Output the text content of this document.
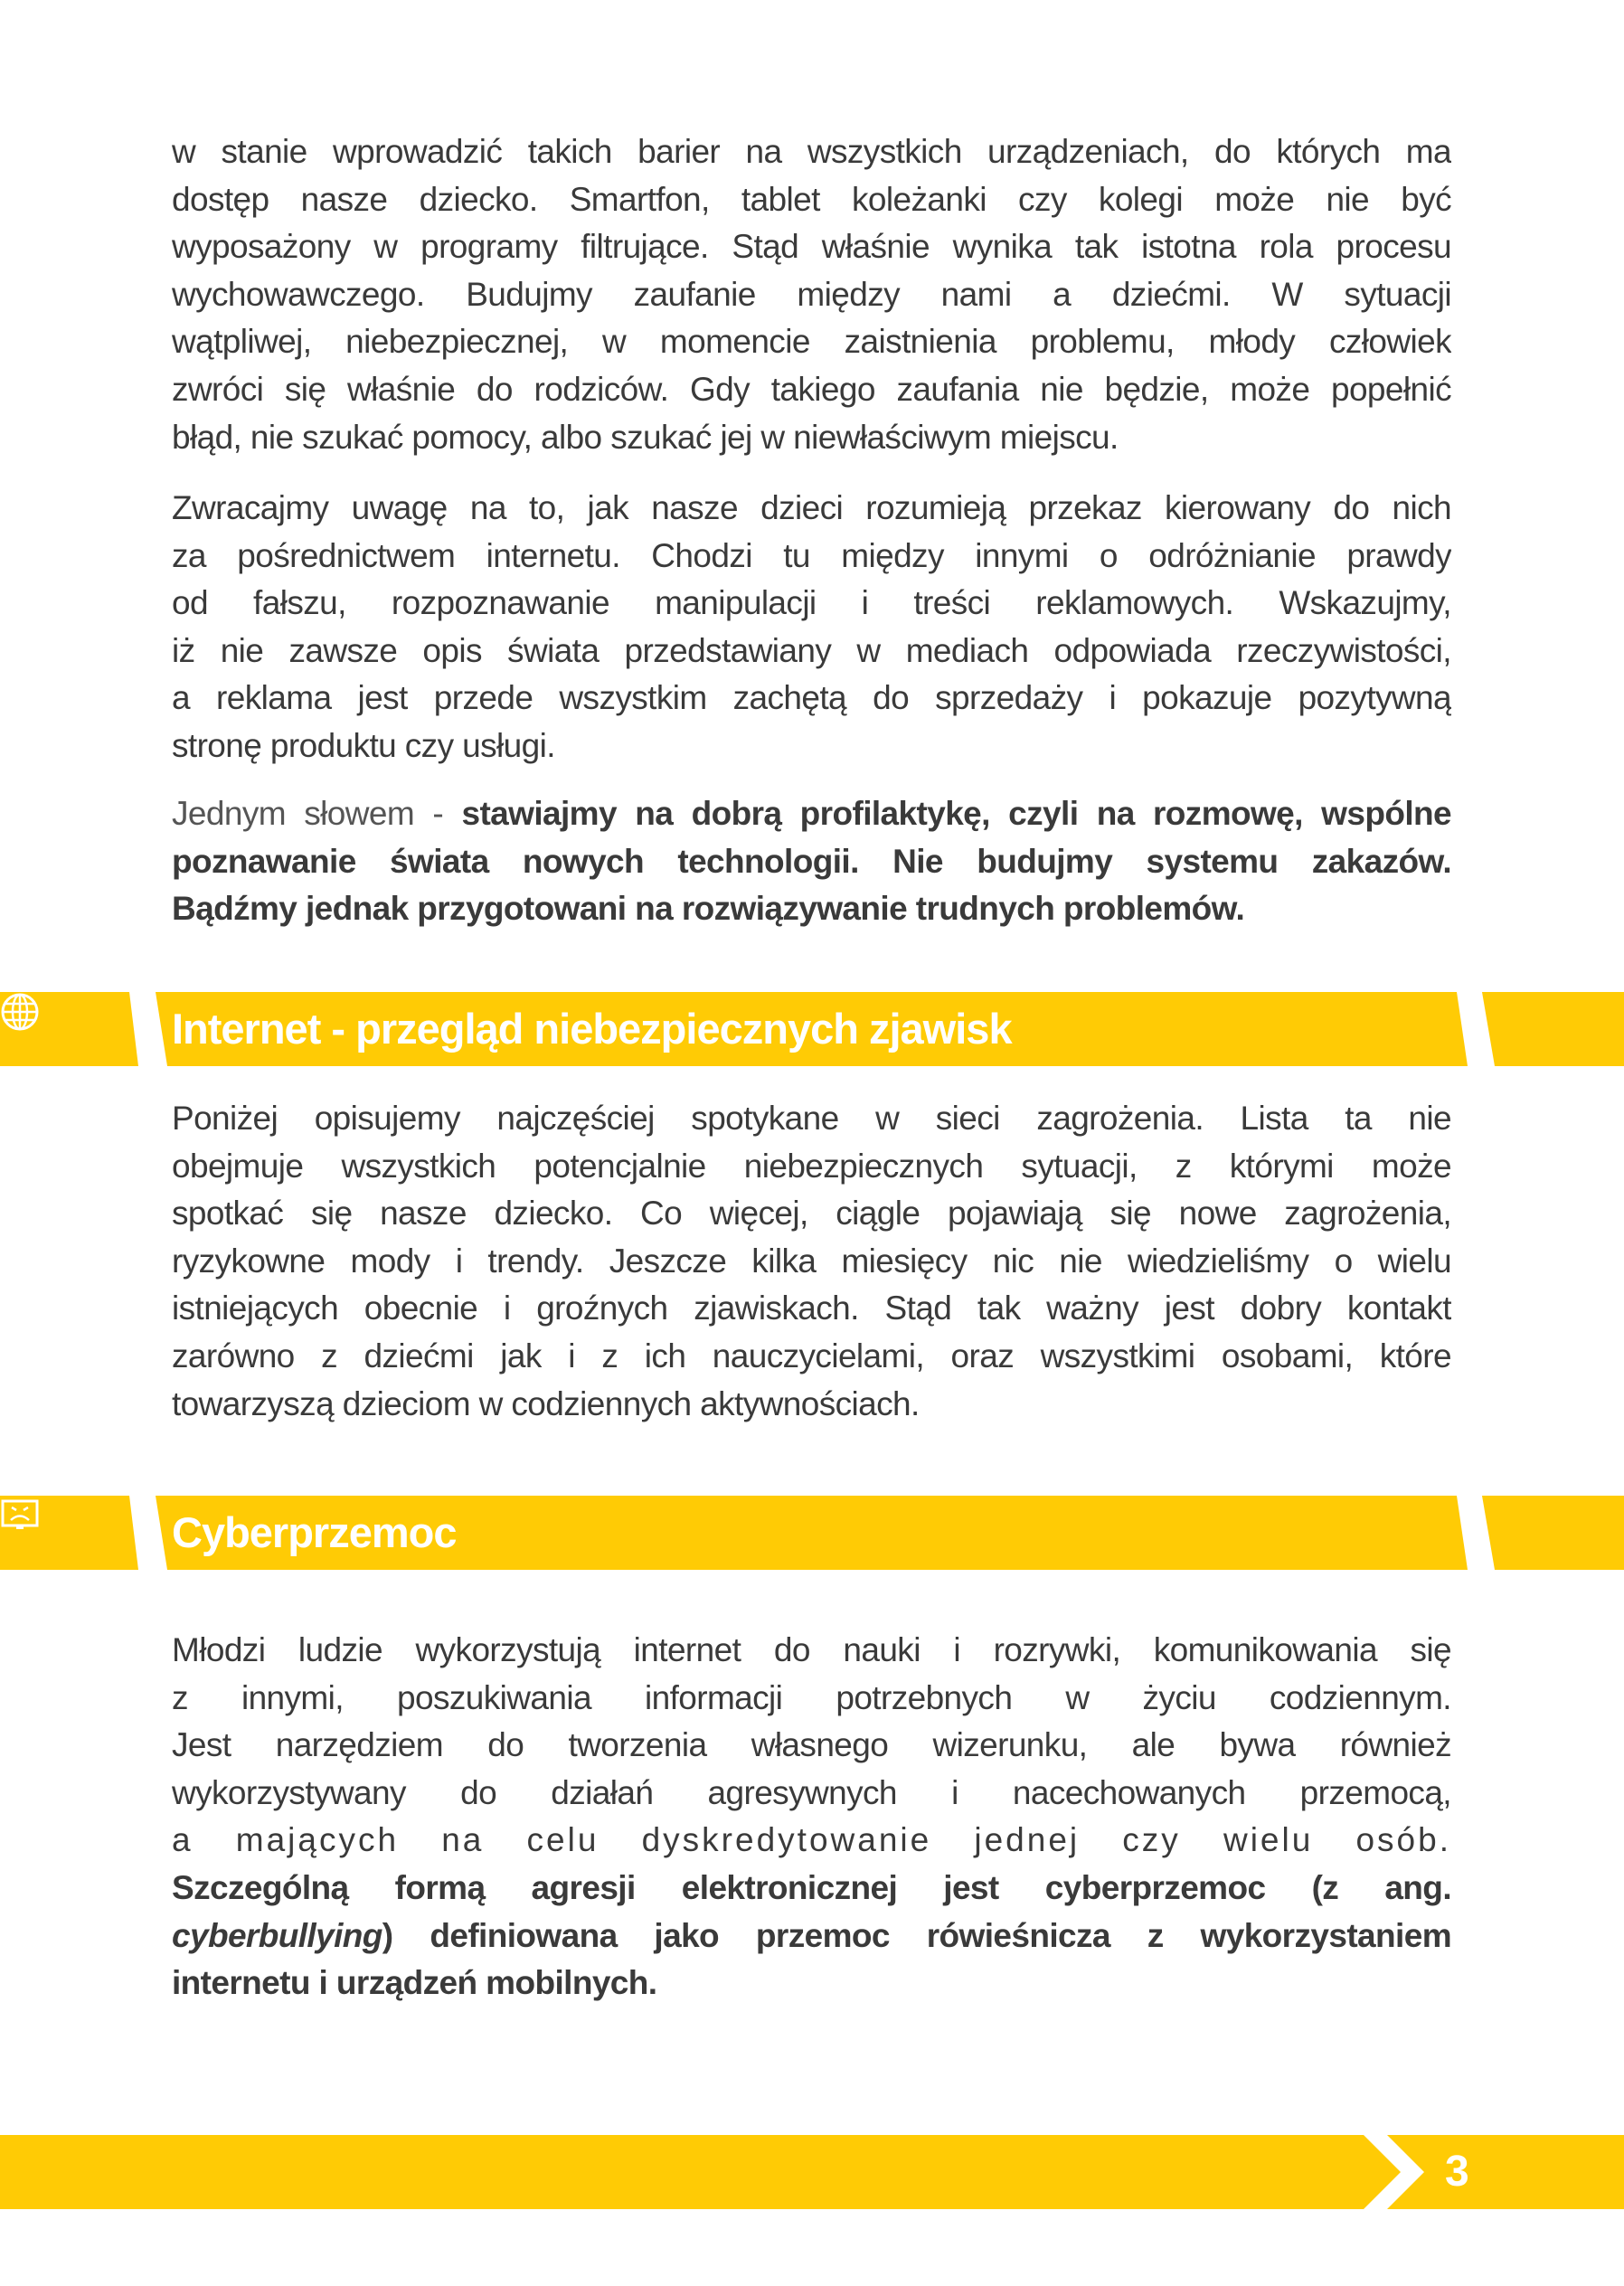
w stanie wprowadzić takich barier na wszystkich urządzeniach, do których ma
dostęp nasze dziecko. Smartfon, tablet koleżanki czy kolegi może nie być
wyposażony w programy filtrujące. Stąd właśnie wynika tak istotna rola procesu
wychowawczego. Budujmy zaufanie między nami a dziećmi. W sytuacji
wątpliwej, niebezpiecznej, w momencie zaistnienia problemu, młody człowiek
zwróci się właśnie do rodziców. Gdy takiego zaufania nie będzie, może popełnić
błąd, nie szukać pomocy, albo szukać jej w niewłaściwym miejscu.
Zwracajmy uwagę na to, jak nasze dzieci rozumieją przekaz kierowany do nich
za pośrednictwem internetu. Chodzi tu między innymi o odróżnianie prawdy
od fałszu, rozpoznawanie manipulacji i treści reklamowych. Wskazujmy,
iż nie zawsze opis świata przedstawiany w mediach odpowiada rzeczywistości,
a reklama jest przede wszystkim zachętą do sprzedaży i pokazuje pozytywną
stronę produktu czy usługi.
Jednym słowem - stawiajmy na dobrą profilaktykę, czyli na rozmowę, wspólne
poznawanie świata nowych technologii. Nie budujmy systemu zakazów.
Bądźmy jednak przygotowani na rozwiązywanie trudnych problemów.
Internet - przegląd niebezpiecznych zjawisk
Poniżej opisujemy najczęściej spotykane w sieci zagrożenia. Lista ta nie
obejmuje wszystkich potencjalnie niebezpiecznych sytuacji, z którymi może
spotkać się nasze dziecko. Co więcej, ciągle pojawiają się nowe zagrożenia,
ryzykowne mody i trendy. Jeszcze kilka miesięcy nic nie wiedzieliśmy o wielu
istniejących obecnie i groźnych zjawiskach. Stąd tak ważny jest dobry kontakt
zarówno z dziećmi jak i z ich nauczycielami, oraz wszystkimi osobami, które
towarzyszą dzieciom w codziennych aktywnościach.
Cyberprzemoc
Młodzi ludzie wykorzystują internet do nauki i rozrywki, komunikowania się
z innymi, poszukiwania informacji potrzebnych w życiu codziennym.
Jest narzędziem do tworzenia własnego wizerunku, ale bywa również
wykorzystywany do działań agresywnych i nacechowanych przemocą,
a mających na celu dyskredytowanie jednej czy wielu osób.
Szczególną formą agresji elektronicznej jest cyberprzemoc (z ang.
cyberbullying) definiowana jako przemoc rówieśnicza z wykorzystaniem
internetu i urządzeń mobilnych.
3
